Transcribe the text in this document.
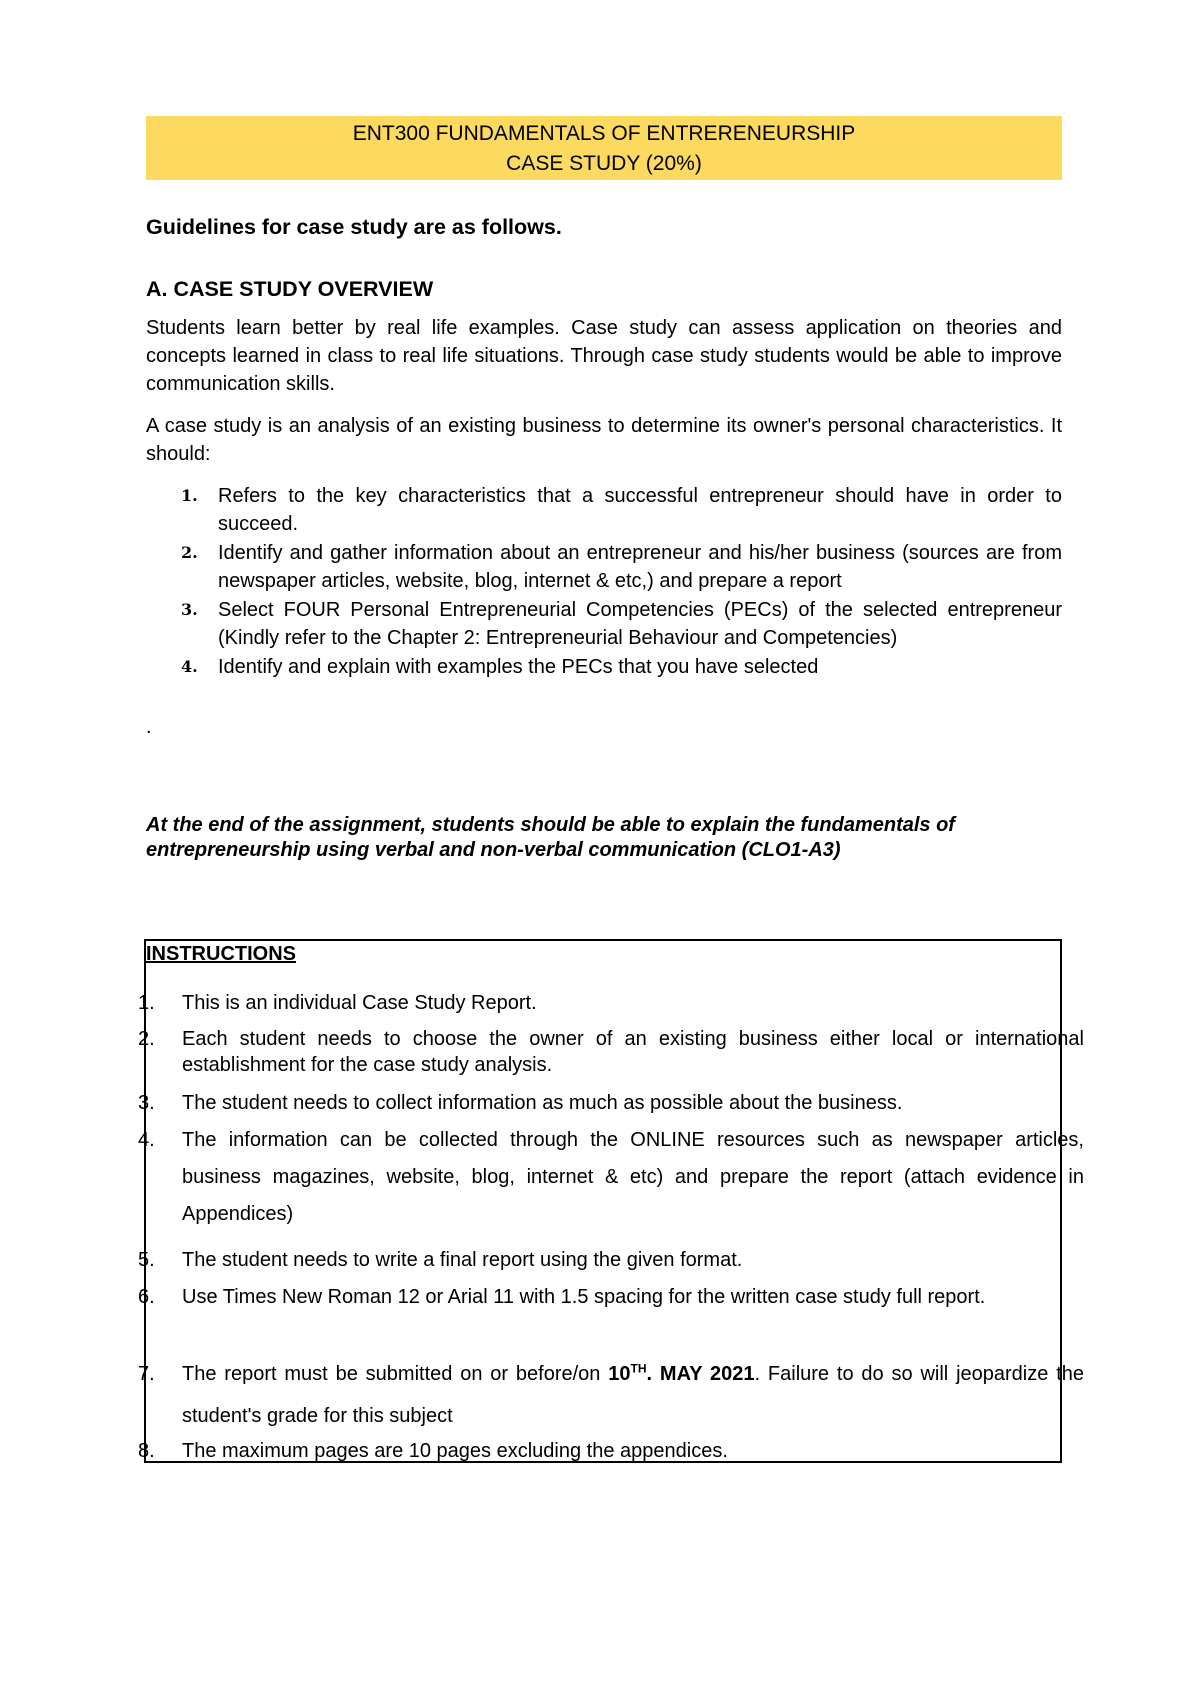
ENT300 FUNDAMENTALS OF ENTRERENEURSHIP
CASE STUDY (20%)
Guidelines for case study are as follows.
A. CASE STUDY OVERVIEW
Students learn better by real life examples. Case study can assess application on theories and concepts learned in class to real life situations. Through case study students would be able to improve communication skills.
A case study is an analysis of an existing business to determine its owner's personal characteristics. It should:
1. Refers to the key characteristics that a successful entrepreneur should have in order to succeed.
2. Identify and gather information about an entrepreneur and his/her business (sources are from newspaper articles, website, blog, internet & etc,) and prepare a report
3. Select FOUR Personal Entrepreneurial Competencies (PECs) of the selected entrepreneur (Kindly refer to the Chapter 2: Entrepreneurial Behaviour and Competencies)
4. Identify and explain with examples the PECs that you have selected
.
At the end of the assignment, students should be able to explain the fundamentals of entrepreneurship using verbal and non-verbal communication (CLO1-A3)
INSTRUCTIONS
1. This is an individual Case Study Report.
2. Each student needs to choose the owner of an existing business either local or international establishment for the case study analysis.
3. The student needs to collect information as much as possible about the business.
4. The information can be collected through the ONLINE resources such as newspaper articles, business magazines, website, blog, internet & etc) and prepare the report (attach evidence in Appendices)
5. The student needs to write a final report using the given format.
6. Use Times New Roman 12 or Arial 11 with 1.5 spacing for the written case study full report.
7. The report must be submitted on or before/on 10TH. MAY 2021. Failure to do so will jeopardize the student's grade for this subject
8. The maximum pages are 10 pages excluding the appendices.
